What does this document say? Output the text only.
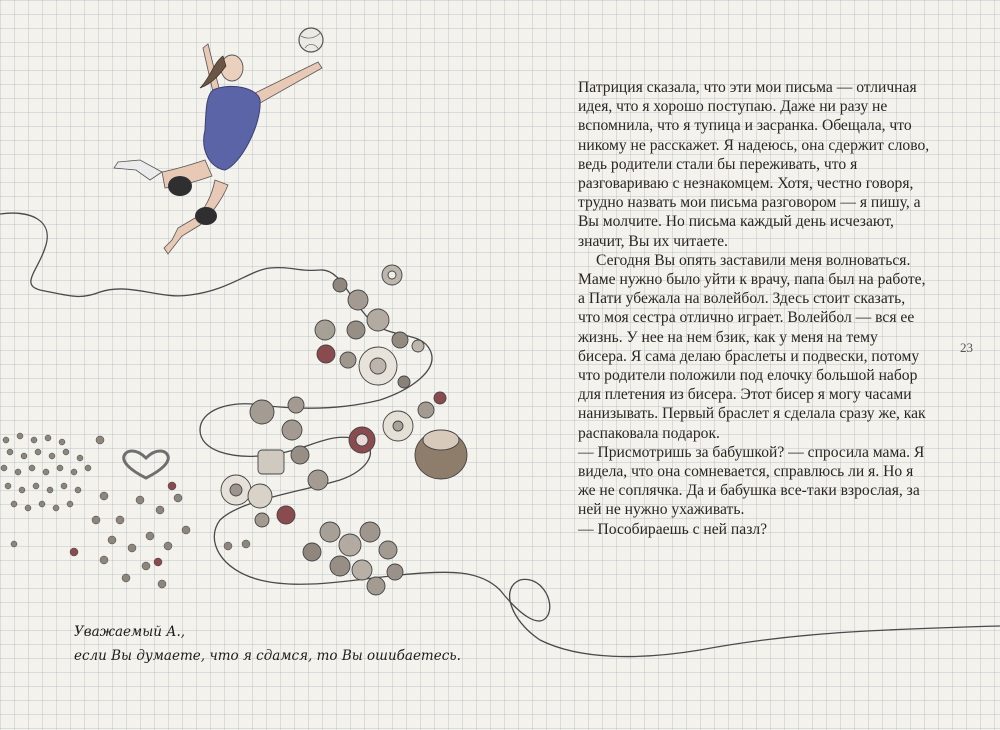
Патриция сказала, что эти мои письма — отличная идея, что я хорошо поступаю. Даже ни разу не вспомнила, что я тупица и засранка. Обещала, что никому не расскажет. Я надеюсь, она сдержит слово, ведь родители стали бы переживать, что я разговариваю с незнакомцем. Хотя, честно говоря, трудно назвать мои письма разговором — я пишу, а Вы молчите. Но письма каждый день исчезают, значит, Вы их читаете.

Сегодня Вы опять заставили меня волноваться. Маме нужно было уйти к врачу, папа был на работе, а Пати убежала на волейбол. Здесь стоит сказать, что моя сестра отлично играет. Волейбол — вся ее жизнь. У нее на нем бзик, как у меня на тему бисера. Я сама делаю браслеты и подвески, потому что родители положили под елочку большой набор для плетения из бисера. Этот бисер я могу часами нанизывать. Первый браслет я сделала сразу же, как распаковала подарок.

— Присмотришь за бабушкой? — спросила мама. Я видела, что она сомневается, справлюсь ли я. Но я же не соплячка. Да и бабушка все-таки взрослая, за ней не нужно ухаживать.

— Пособираешь с ней пазл?

23
Уважаемый А.,
если Вы думаете, что я сдамся, то Вы ошибаетесь.
